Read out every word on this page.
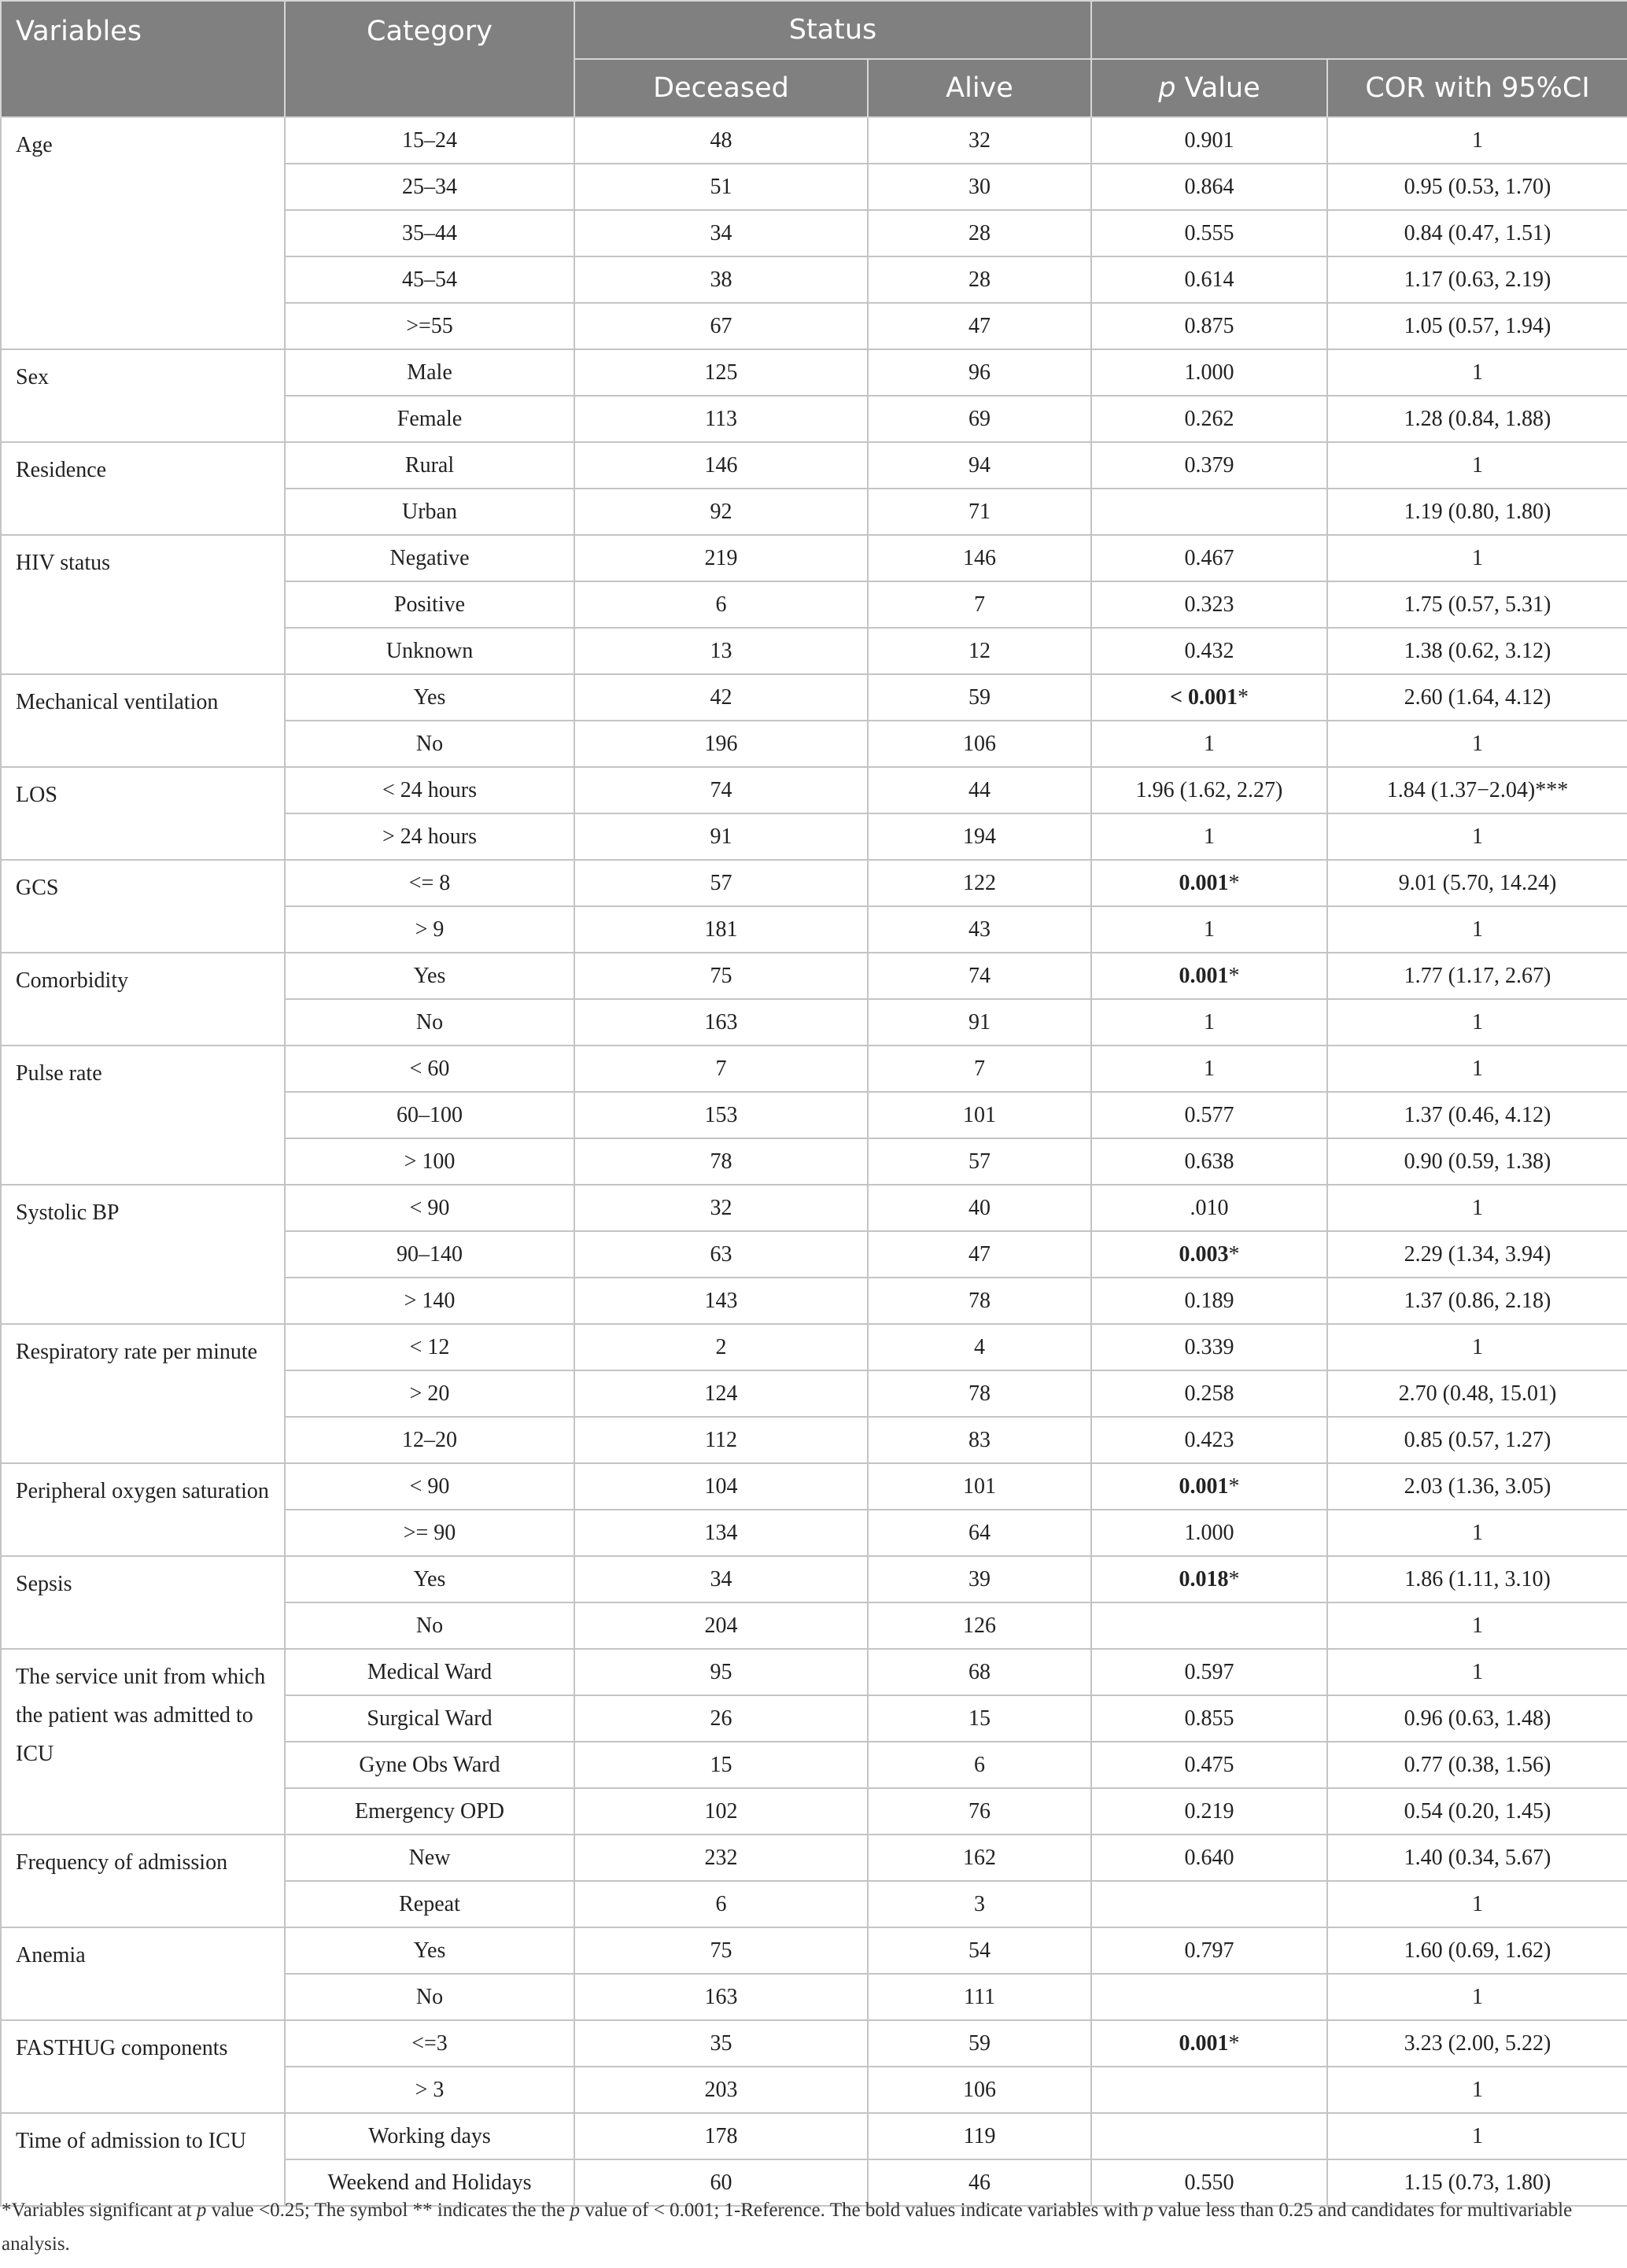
Variables	Category	Status			
		Deceased	Alive	p Value	COR with 95%CI

Age	15–24	48	32	0.901	1
	25–34	51	30	0.864	0.95 (0.53, 1.70)
	35–44	34	28	0.555	0.84 (0.47, 1.51)
	45–54	38	28	0.614	1.17 (0.63, 2.19)
	>=55	67	47	0.875	1.05 (0.57, 1.94)

Sex	Male	125	96	1.000	1
	Female	113	69	0.262	1.28 (0.84, 1.88)

Residence	Rural	146	94	0.379	1
	Urban	92	71		1.19 (0.80, 1.80)

HIV status	Negative	219	146	0.467	1
	Positive	6	7	0.323	1.75 (0.57, 5.31)
	Unknown	13	12	0.432	1.38 (0.62, 3.12)

Mechanical ventilation	Yes	42	59	< 0.001*	2.60 (1.64, 4.12)
	No	196	106	1	1

LOS	< 24 hours	74	44	1.96 (1.62, 2.27)	1.84 (1.37−2.04)***
	> 24 hours	91	194	1	1

GCS	<= 8	57	122	0.001*	9.01 (5.70, 14.24)
	> 9	181	43	1	1

Comorbidity	Yes	75	74	0.001*	1.77 (1.17, 2.67)
	No	163	91	1	1

Pulse rate	< 60	7	7	1	1
	60–100	153	101	0.577	1.37 (0.46, 4.12)
	> 100	78	57	0.638	0.90 (0.59, 1.38)

Systolic BP	< 90	32	40	.010	1
	90–140	63	47	0.003*	2.29 (1.34, 3.94)
	> 140	143	78	0.189	1.37 (0.86, 2.18)

Respiratory rate per minute	< 12	2	4	0.339	1
	> 20	124	78	0.258	2.70 (0.48, 15.01)
	12–20	112	83	0.423	0.85 (0.57, 1.27)

Peripheral oxygen saturation	< 90	104	101	0.001*	2.03 (1.36, 3.05)
	>= 90	134	64	1.000	1

Sepsis	Yes	34	39	0.018*	1.86 (1.11, 3.10)
	No	204	126		1

The service unit from which the patient was admitted to ICU	Medical Ward	95	68	0.597	1
	Surgical Ward	26	15	0.855	0.96 (0.63, 1.48)
	Gyne Obs Ward	15	6	0.475	0.77 (0.38, 1.56)
	Emergency OPD	102	76	0.219	0.54 (0.20, 1.45)

Frequency of admission	New	232	162	0.640	1.40 (0.34, 5.67)
	Repeat	6	3		1

Anemia	Yes	75	54	0.797	1.60 (0.69, 1.62)
	No	163	111		1

FASTHUG components	<=3	35	59	0.001*	3.23 (2.00, 5.22)
	> 3	203	106		1

Time of admission to ICU	Working days	178	119		1
	Weekend and Holidays	60	46	0.550	1.15 (0.73, 1.80)
*Variables significant at p value <0.25; The symbol ** indicates the the p value of < 0.001; 1-Reference. The bold values indicate variables with p value less than 0.25 and candidates for multivariable analysis.
